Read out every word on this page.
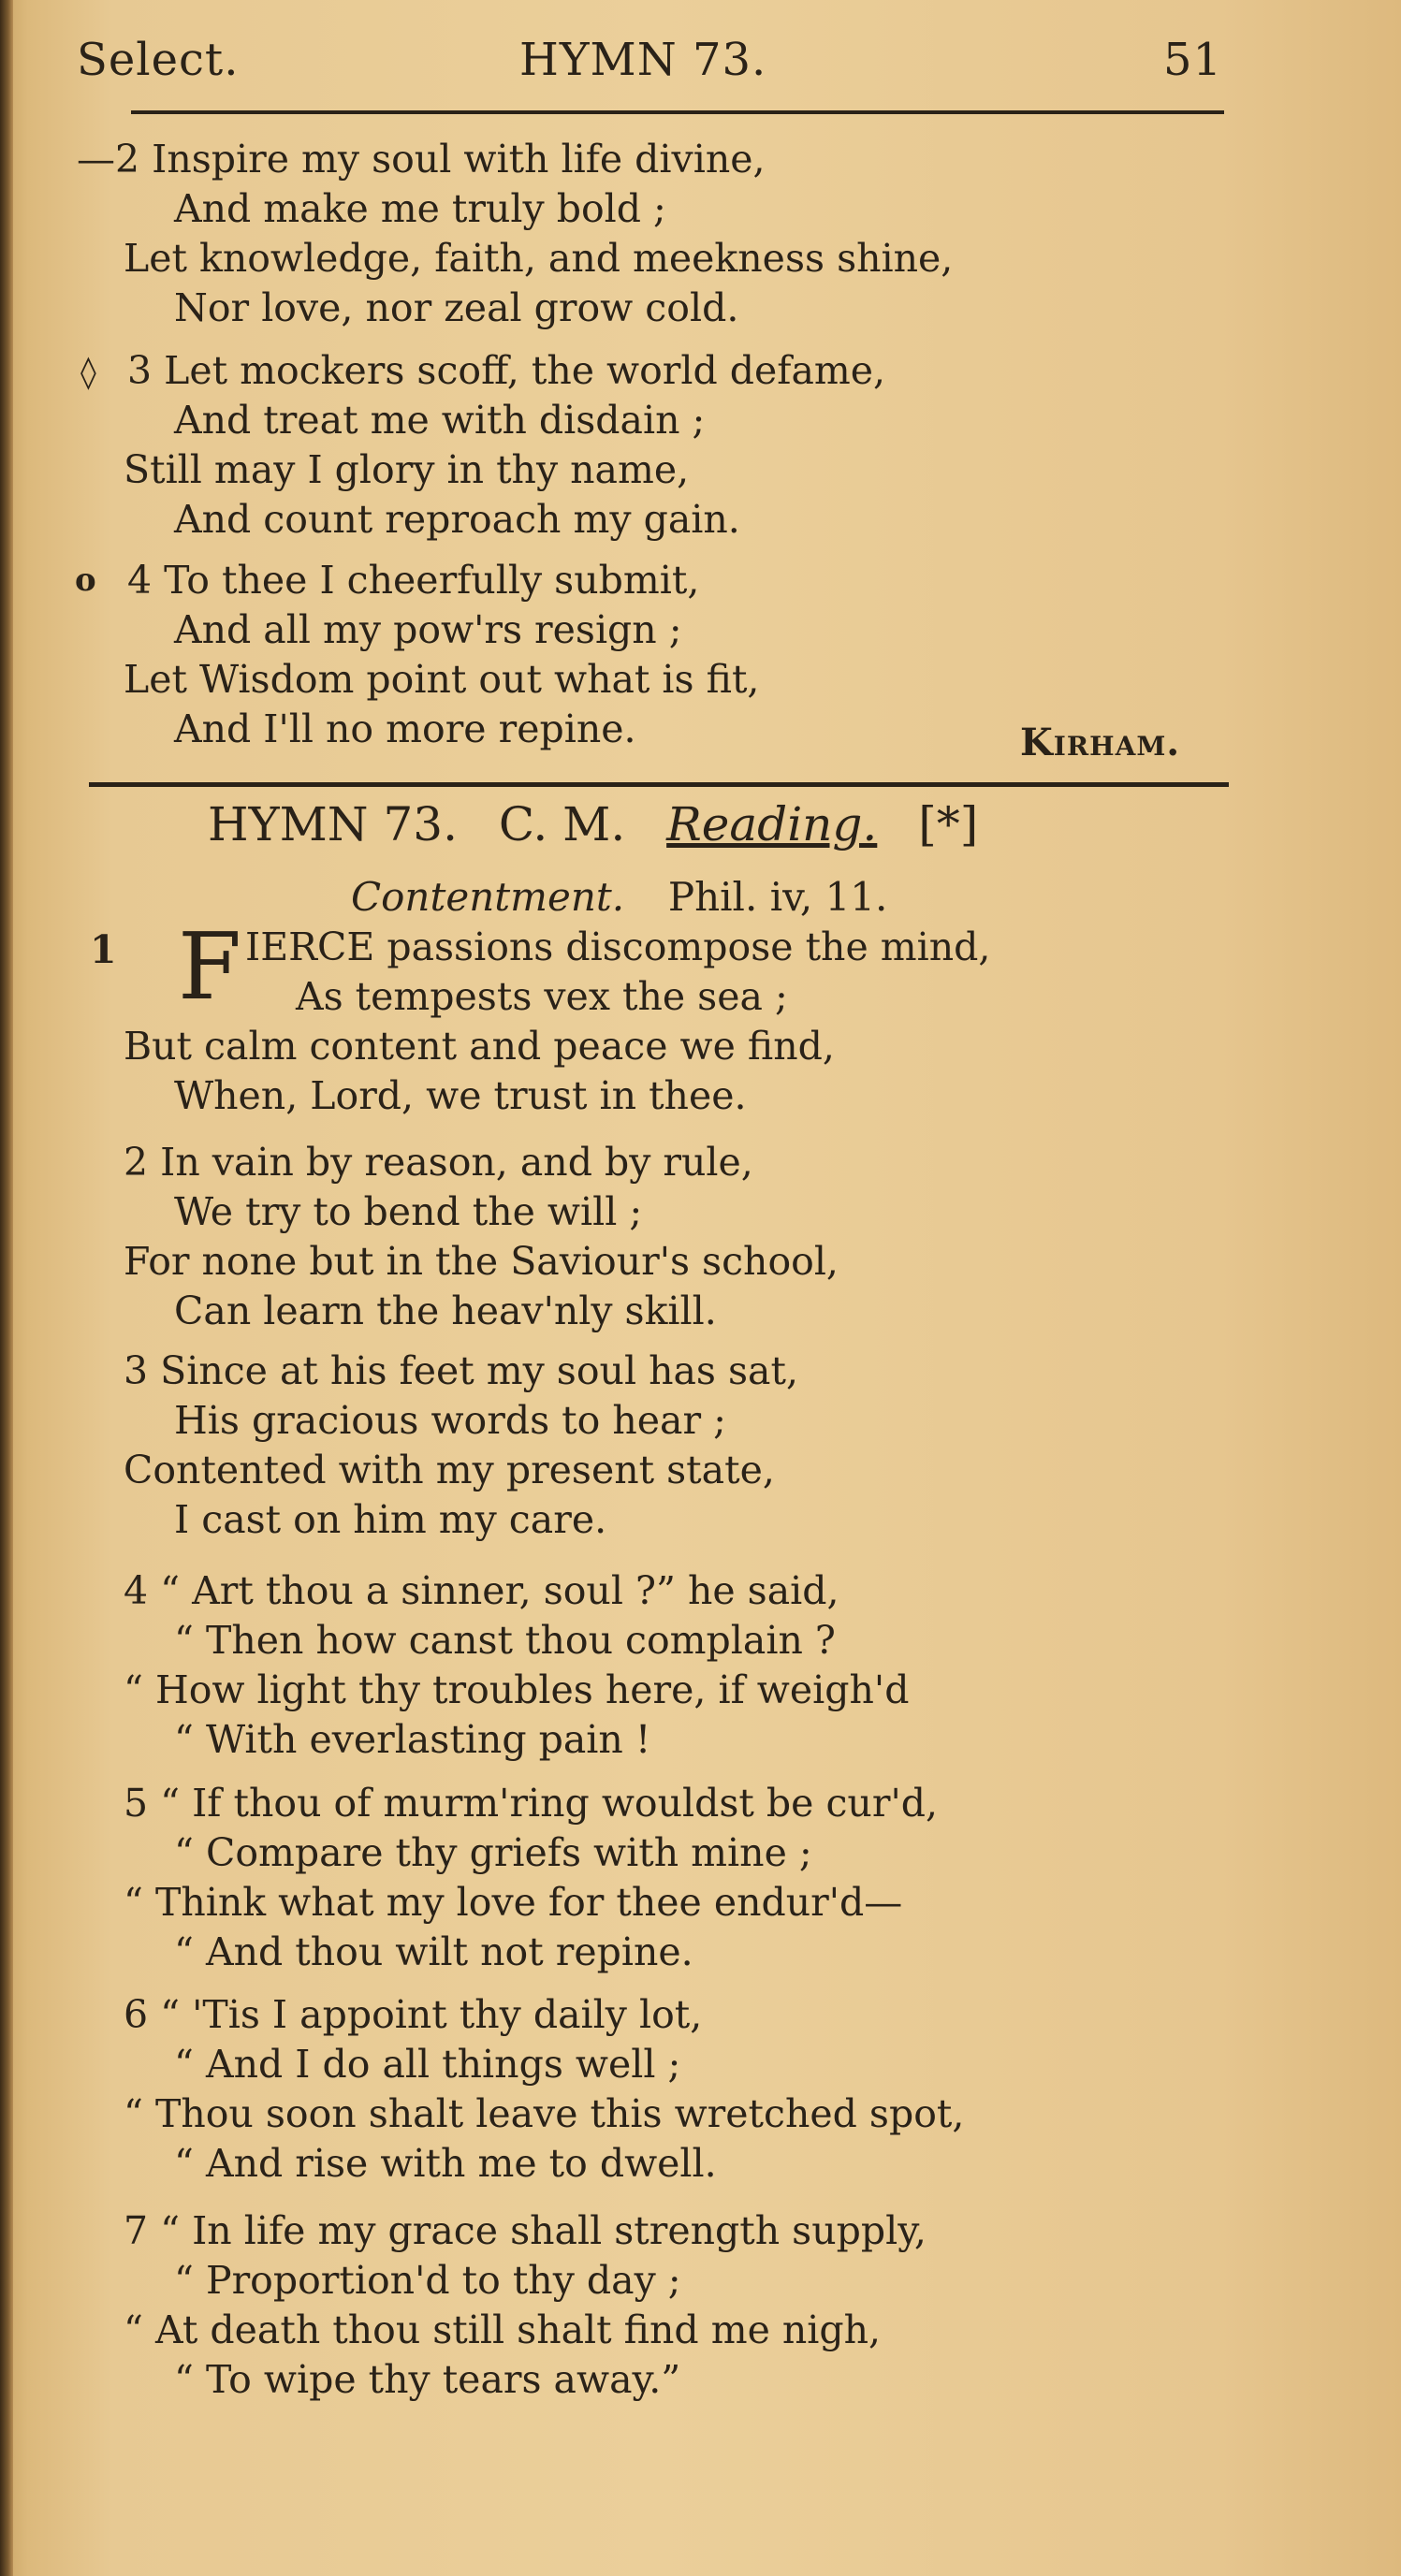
Select.	HYMN 73.	51
—2 Inspire my soul with life divine,
And make me truly bold ;
Let knowledge, faith, and meekness shine,
Nor love, nor zeal grow cold.
◊ 3 Let mockers scoff, the world defame,
And treat me with disdain ;
Still may I glory in thy name,
And count reproach my gain.
o 4 To thee I cheerfully submit,
And all my pow'rs resign ;
Let Wisdom point out what is fit,
And I'll no more repine.	Kirham.
HYMN 73. C. M. Reading. [*]
Contentment. Phil. iv, 11.
1 F IERCE passions discompose the mind,
As tempests vex the sea ;
But calm content and peace we find,
When, Lord, we trust in thee.
2 In vain by reason, and by rule,
We try to bend the will ;
For none but in the Saviour's school,
Can learn the heav'nly skill.
3 Since at his feet my soul has sat,
His gracious words to hear ;
Contented with my present state,
I cast on him my care.
4 “ Art thou a sinner, soul ?” he said,
“ Then how canst thou complain ?
“ How light thy troubles here, if weigh'd
“ With everlasting pain !
5 “ If thou of murm'ring wouldst be cur'd,
“ Compare thy griefs with mine ;
“ Think what my love for thee endur'd—
“ And thou wilt not repine.
6 “ 'Tis I appoint thy daily lot,
“ And I do all things well ;
“ Thou soon shalt leave this wretched spot,
“ And rise with me to dwell.
7 “ In life my grace shall strength supply,
“ Proportion'd to thy day ;
“ At death thou still shalt find me nigh,
“ To wipe thy tears away.”
